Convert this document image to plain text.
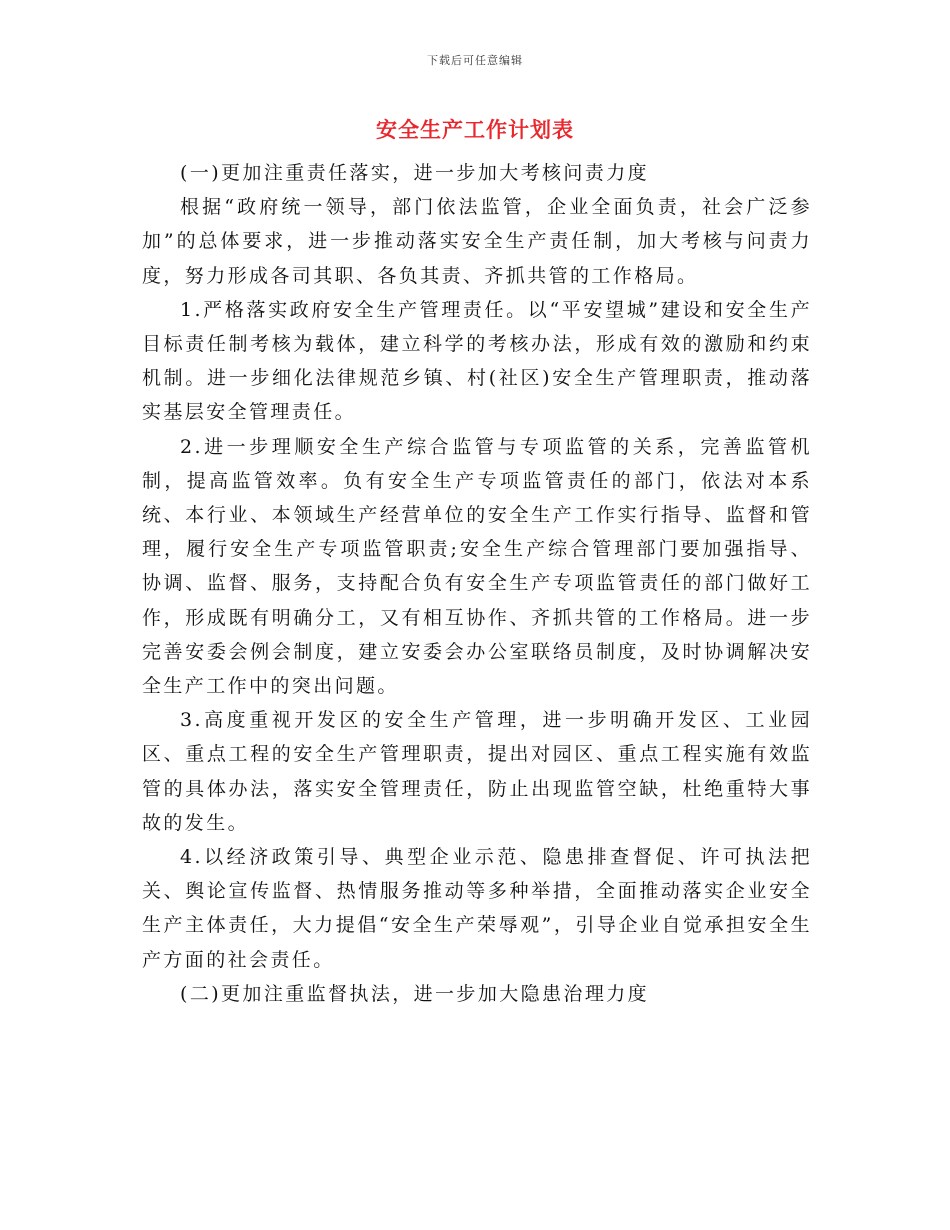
下载后可任意编辑
安全生产工作计划表

(一)更加注重责任落实，进一步加大考核问责力度

根据“政府统一领导，部门依法监管，企业全面负责，社会广泛参加”的总体要求，进一步推动落实安全生产责任制，加大考核与问责力度，努力形成各司其职、各负其责、齐抓共管的工作格局。

1.严格落实政府安全生产管理责任。以“平安望城”建设和安全生产目标责任制考核为载体，建立科学的考核办法，形成有效的激励和约束机制。进一步细化法律规范乡镇、村(社区)安全生产管理职责，推动落实基层安全管理责任。

2.进一步理顺安全生产综合监管与专项监管的关系，完善监管机制，提高监管效率。负有安全生产专项监管责任的部门，依法对本系统、本行业、本领域生产经营单位的安全生产工作实行指导、监督和管理，履行安全生产专项监管职责;安全生产综合管理部门要加强指导、协调、监督、服务，支持配合负有安全生产专项监管责任的部门做好工作，形成既有明确分工，又有相互协作、齐抓共管的工作格局。进一步完善安委会例会制度，建立安委会办公室联络员制度，及时协调解决安全生产工作中的突出问题。

3.高度重视开发区的安全生产管理，进一步明确开发区、工业园区、重点工程的安全生产管理职责，提出对园区、重点工程实施有效监管的具体办法，落实安全管理责任，防止出现监管空缺，杜绝重特大事故的发生。

4.以经济政策引导、典型企业示范、隐患排查督促、许可执法把关、舆论宣传监督、热情服务推动等多种举措，全面推动落实企业安全生产主体责任，大力提倡“安全生产荣辱观”，引导企业自觉承担安全生产方面的社会责任。

(二)更加注重监督执法，进一步加大隐患治理力度
